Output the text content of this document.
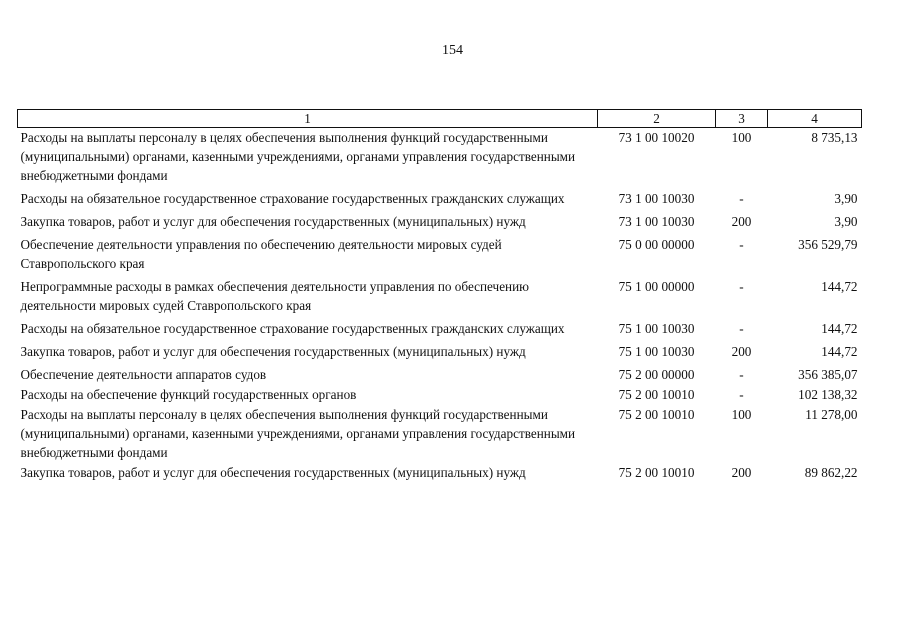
154
1	2	3	4
Расходы на выплаты персоналу в целях обеспечения выполнения функций государственными (муниципальными) органами, казенными учреждениями, органами управления государственными внебюджетными фондами	73 1 00 10020	100	8 735,13
Расходы на обязательное государственное страхование государственных гражданских служащих	73 1 00 10030	-	3,90
Закупка товаров, работ и услуг для обеспечения государственных (муниципальных) нужд	73 1 00 10030	200	3,90
Обеспечение деятельности управления по обеспечению деятельности мировых судей Ставропольского края	75 0 00 00000	-	356 529,79
Непрограммные расходы в рамках обеспечения деятельности управления по обеспечению деятельности мировых судей Ставропольского края	75 1 00 00000	-	144,72
Расходы на обязательное государственное страхование государственных гражданских служащих	75 1 00 10030	-	144,72
Закупка товаров, работ и услуг для обеспечения государственных (муниципальных) нужд	75 1 00 10030	200	144,72
Обеспечение деятельности аппаратов судов	75 2 00 00000	-	356 385,07
Расходы на обеспечение функций государственных органов	75 2 00 10010	-	102 138,32
Расходы на выплаты персоналу в целях обеспечения выполнения функций государственными (муниципальными) органами, казенными учреждениями, органами управления государственными внебюджетными фондами	75 2 00 10010	100	11 278,00
Закупка товаров, работ и услуг для обеспечения государственных (муниципальных) нужд	75 2 00 10010	200	89 862,22
